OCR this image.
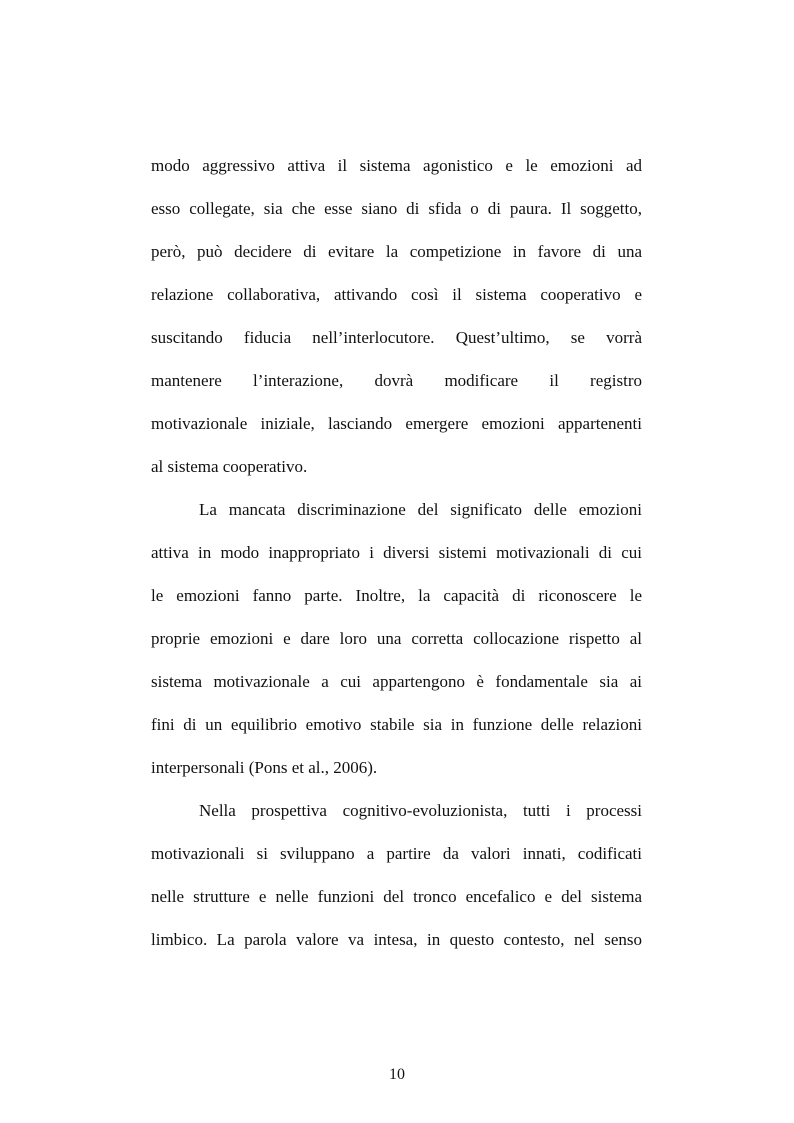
modo aggressivo attiva il sistema agonistico e le emozioni ad
esso collegate, sia che esse siano di sfida o di paura. Il soggetto,
però, può decidere di evitare la competizione in favore di una
relazione collaborativa, attivando così il sistema cooperativo e
suscitando fiducia nell’interlocutore. Quest’ultimo, se vorrà
mantenere l’interazione, dovrà modificare il registro
motivazionale iniziale, lasciando emergere emozioni appartenenti
al sistema cooperativo.

La mancata discriminazione del significato delle emozioni
attiva in modo inappropriato i diversi sistemi motivazionali di cui
le emozioni fanno parte. Inoltre, la capacità di riconoscere le
proprie emozioni e dare loro una corretta collocazione rispetto al
sistema motivazionale a cui appartengono è fondamentale sia ai
fini di un equilibrio emotivo stabile sia in funzione delle relazioni
interpersonali (Pons et al., 2006).

Nella prospettiva cognitivo-evoluzionista, tutti i processi
motivazionali si sviluppano a partire da valori innati, codificati
nelle strutture e nelle funzioni del tronco encefalico e del sistema
limbico. La parola valore va intesa, in questo contesto, nel senso

10
